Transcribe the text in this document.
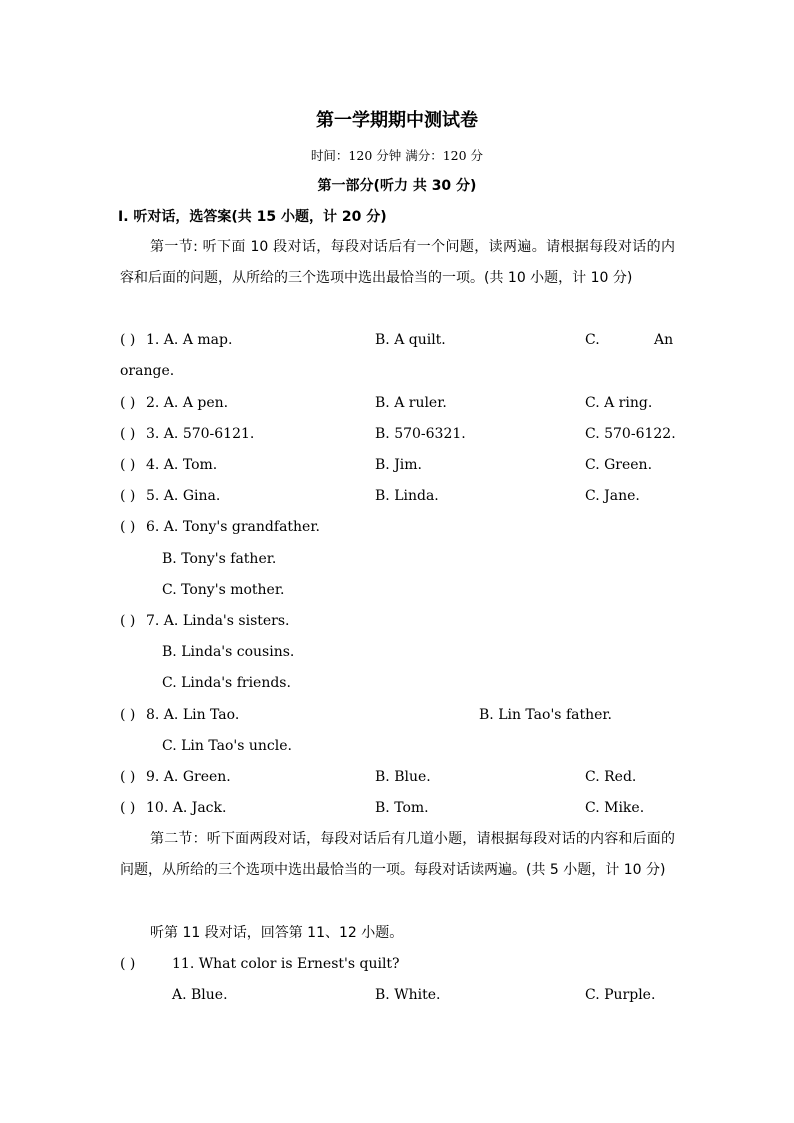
第一学期期中测试卷
时间：120 分钟 满分：120 分
第一部分(听力 共 30 分)
Ⅰ. 听对话，选答案(共 15 小题，计 20 分)
第一节: 听下面 10 段对话，每段对话后有一个问题，读两遍。请根据每段对话的内容和后面的问题，从所给的三个选项中选出最恰当的一项。(共 10 小题，计 10 分)
( ) 1. A. A map.	B. A quilt.	C.	An
orange.
( ) 2. A. A pen.	B. A ruler.	C. A ring.
( ) 3. A. 570-6121.	B. 570-6321.	C. 570-6122.
( ) 4. A. Tom.	B. Jim.	C. Green.
( ) 5. A. Gina.	B. Linda.	C. Jane.
( ) 6. A. Tony's grandfather.
B. Tony's father.
C. Tony's mother.
( ) 7. A. Linda's sisters.
B. Linda's cousins.
C. Linda's friends.
( ) 8. A. Lin Tao.	B. Lin Tao's father.
C. Lin Tao's uncle.
( ) 9. A. Green.	B. Blue.	C. Red.
( ) 10. A. Jack.	B. Tom.	C. Mike.
第二节：听下面两段对话，每段对话后有几道小题，请根据每段对话的内容和后面的问题，从所给的三个选项中选出最恰当的一项。每段对话读两遍。(共 5 小题，计 10 分)
听第 11 段对话，回答第 11、12 小题。
( )	11. What color is Ernest's quilt?
A. Blue.	B. White.	C. Purple.
